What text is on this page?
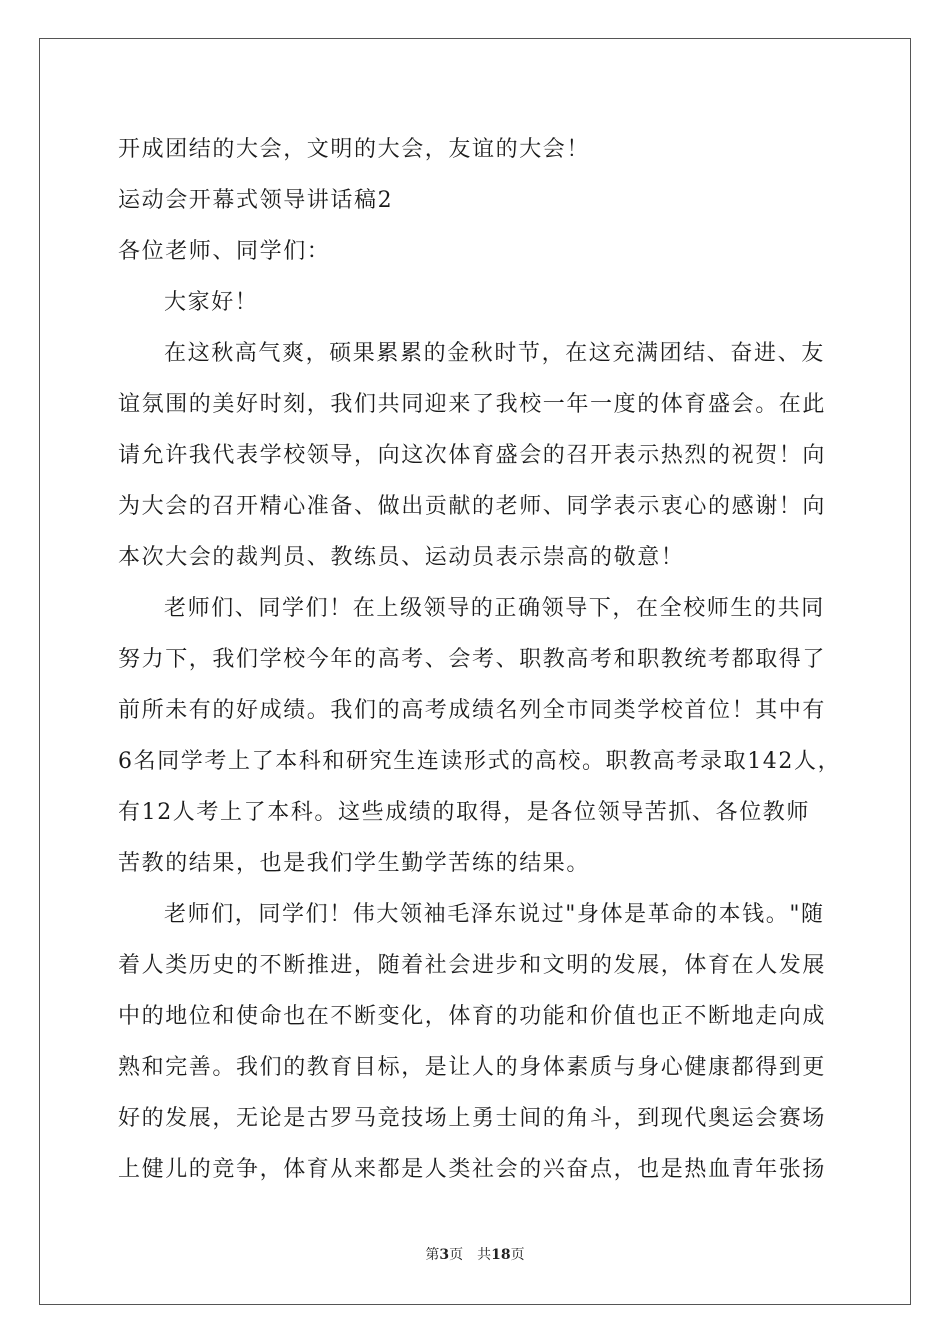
开成团结的大会，文明的大会，友谊的大会！
运动会开幕式领导讲话稿2
各位老师、同学们：
大家好！
在这秋高气爽，硕果累累的金秋时节，在这充满团结、奋进、友
谊氛围的美好时刻，我们共同迎来了我校一年一度的体育盛会。在此
请允许我代表学校领导，向这次体育盛会的召开表示热烈的祝贺！向
为大会的召开精心准备、做出贡献的老师、同学表示衷心的感谢！向
本次大会的裁判员、教练员、运动员表示崇高的敬意！
老师们、同学们！在上级领导的正确领导下，在全校师生的共同
努力下，我们学校今年的高考、会考、职教高考和职教统考都取得了
前所未有的好成绩。我们的高考成绩名列全市同类学校首位！其中有
6名同学考上了本科和研究生连读形式的高校。职教高考录取142人，
有12人考上了本科。这些成绩的取得，是各位领导苦抓、各位教师
苦教的结果，也是我们学生勤学苦练的结果。
老师们，同学们！伟大领袖毛泽东说过"身体是革命的本钱。"随
着人类历史的不断推进，随着社会进步和文明的发展，体育在人发展
中的地位和使命也在不断变化，体育的功能和价值也正不断地走向成
熟和完善。我们的教育目标，是让人的身体素质与身心健康都得到更
好的发展，无论是古罗马竞技场上勇士间的角斗，到现代奥运会赛场
上健儿的竞争，体育从来都是人类社会的兴奋点，也是热血青年张扬
第3页 共18页
